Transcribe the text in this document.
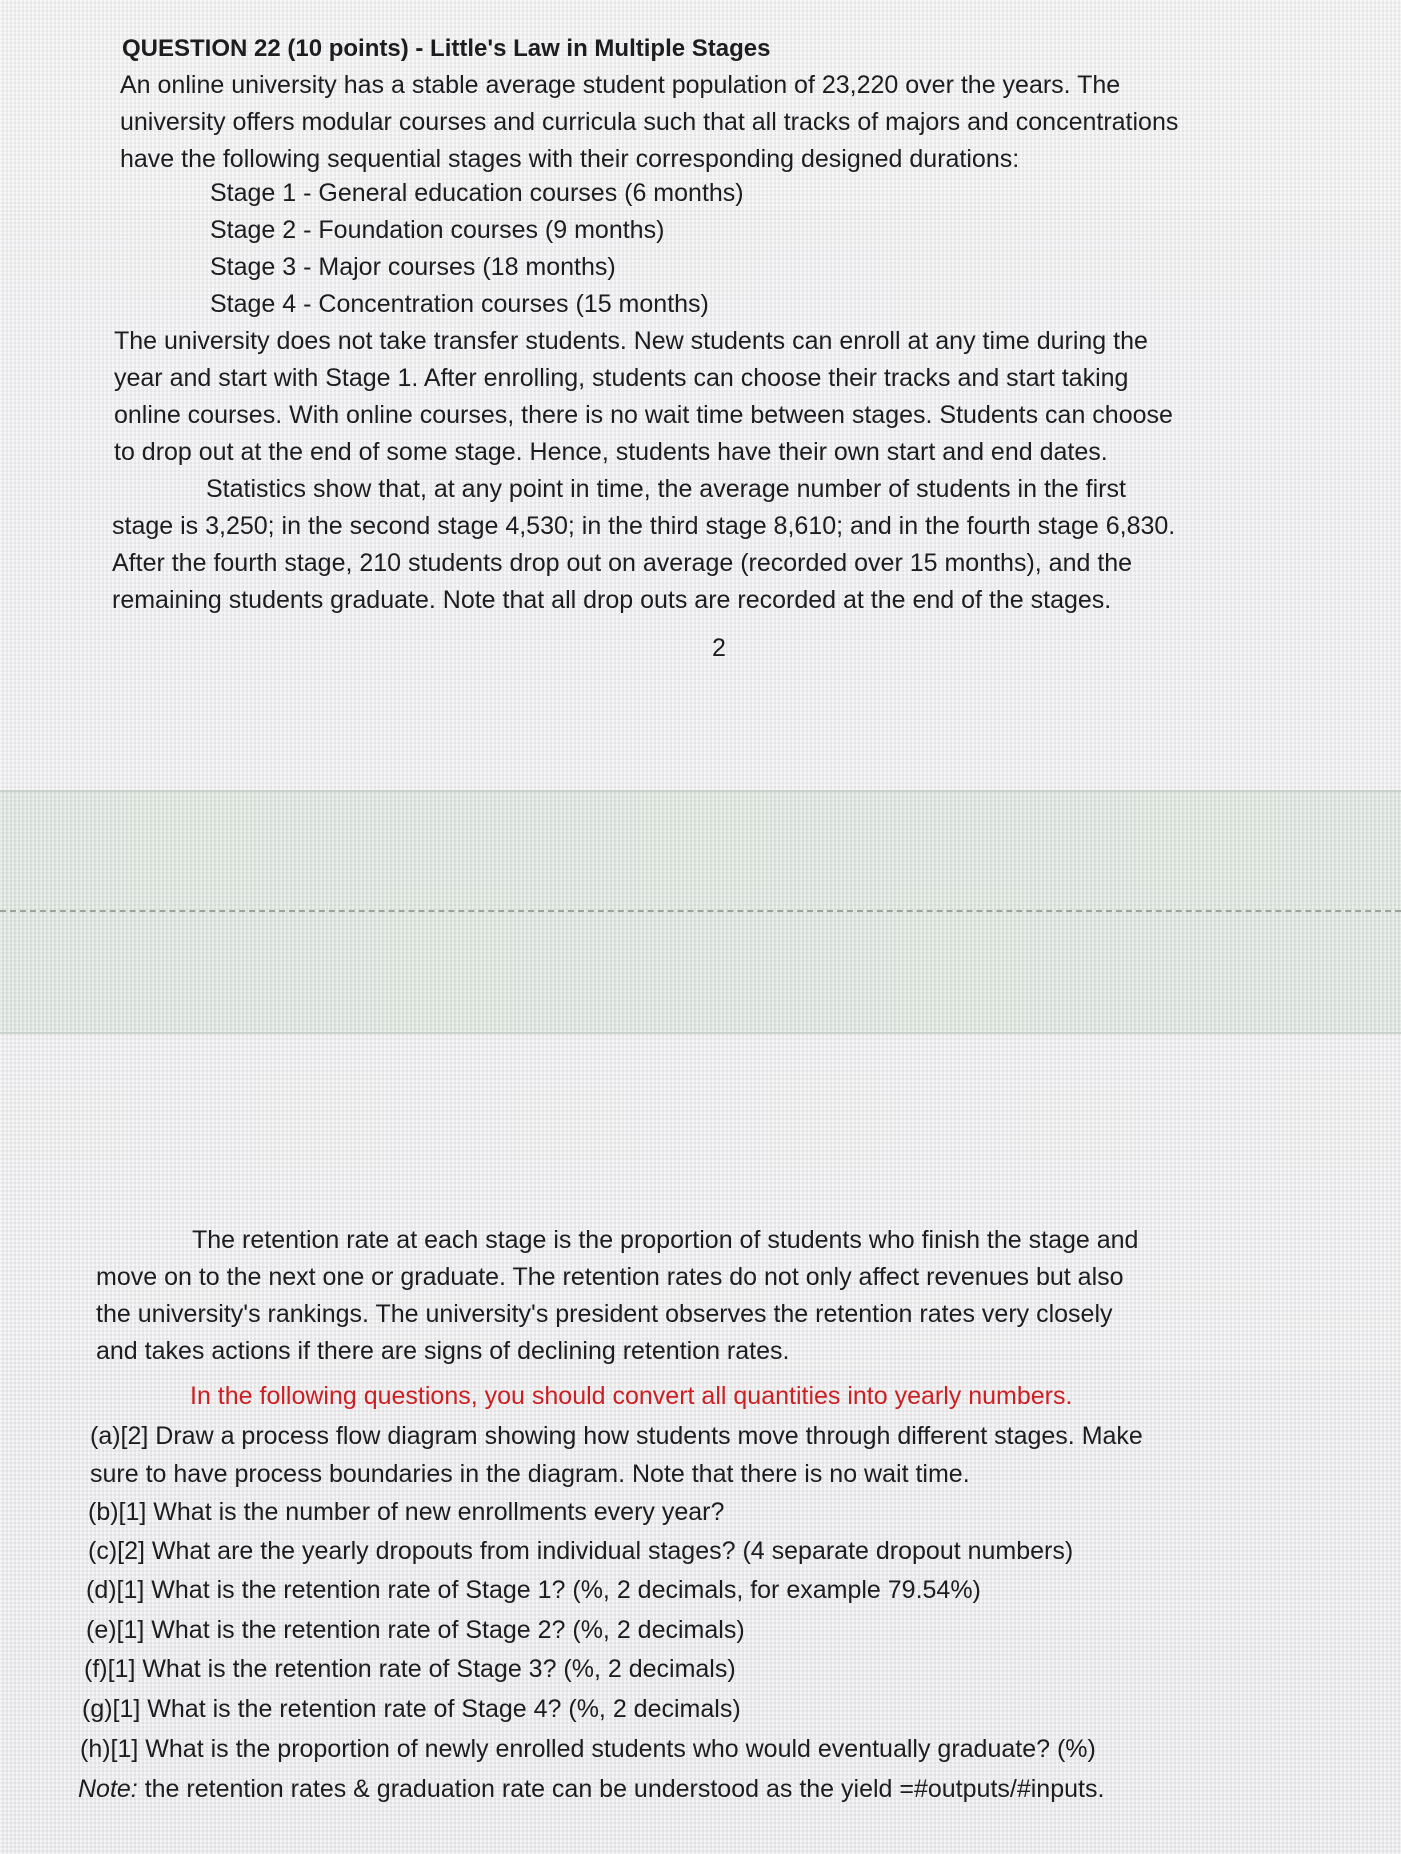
QUESTION 22 (10 points) - Little's Law in Multiple Stages
An online university has a stable average student population of 23,220 over the years. The
university offers modular courses and curricula such that all tracks of majors and concentrations
have the following sequential stages with their corresponding designed durations:
Stage 1 - General education courses (6 months)
Stage 2 - Foundation courses (9 months)
Stage 3 - Major courses (18 months)
Stage 4 - Concentration courses (15 months)
The university does not take transfer students. New students can enroll at any time during the
year and start with Stage 1. After enrolling, students can choose their tracks and start taking
online courses. With online courses, there is no wait time between stages. Students can choose
to drop out at the end of some stage. Hence, students have their own start and end dates.
Statistics show that, at any point in time, the average number of students in the first
stage is 3,250; in the second stage 4,530; in the third stage 8,610; and in the fourth stage 6,830.
After the fourth stage, 210 students drop out on average (recorded over 15 months), and the
remaining students graduate. Note that all drop outs are recorded at the end of the stages.
2
The retention rate at each stage is the proportion of students who finish the stage and
move on to the next one or graduate. The retention rates do not only affect revenues but also
the university's rankings. The university's president observes the retention rates very closely
and takes actions if there are signs of declining retention rates.
In the following questions, you should convert all quantities into yearly numbers.
(a)[2] Draw a process flow diagram showing how students move through different stages. Make
sure to have process boundaries in the diagram. Note that there is no wait time.
(b)[1] What is the number of new enrollments every year?
(c)[2] What are the yearly dropouts from individual stages? (4 separate dropout numbers)
(d)[1] What is the retention rate of Stage 1? (%, 2 decimals, for example 79.54%)
(e)[1] What is the retention rate of Stage 2? (%, 2 decimals)
(f)[1] What is the retention rate of Stage 3? (%, 2 decimals)
(g)[1] What is the retention rate of Stage 4? (%, 2 decimals)
(h)[1] What is the proportion of newly enrolled students who would eventually graduate? (%)
Note: the retention rates & graduation rate can be understood as the yield =#outputs/#inputs.
